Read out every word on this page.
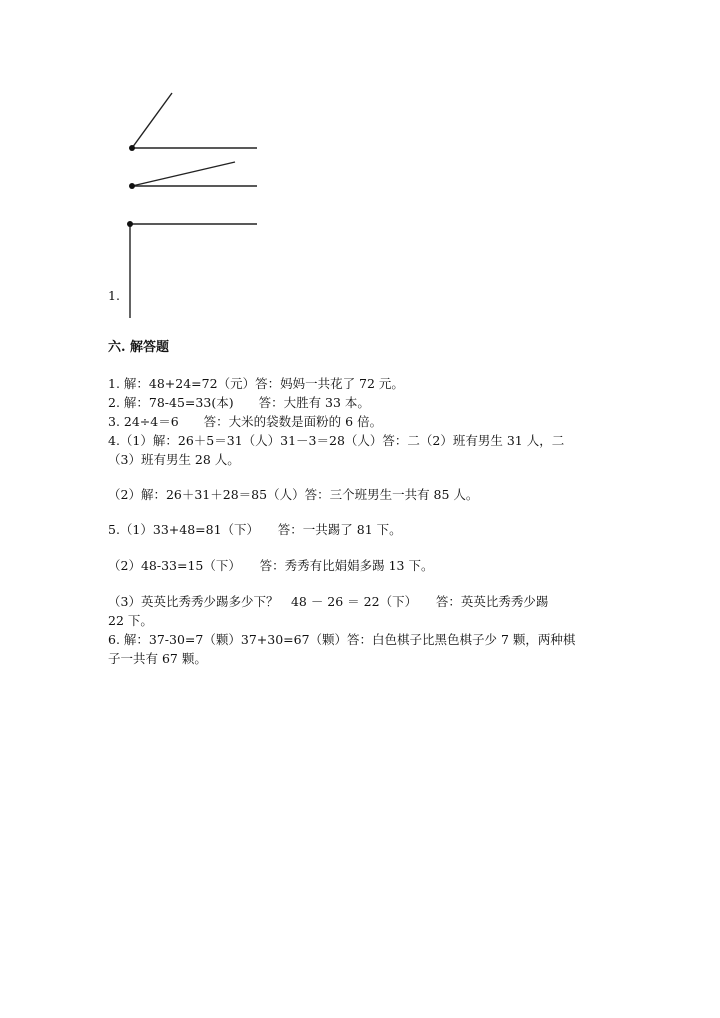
1.
六. 解答题
1. 解：48+24=72（元）答：妈妈一共花了 72 元。
2. 解：78-45=33(本)　　答：大胜有 33 本。
3. 24÷4＝6　　答：大米的袋数是面粉的 6 倍。
4.（1）解：26＋5＝31（人）31－3＝28（人）答：二（2）班有男生 31 人，二
（3）班有男生 28 人。
（2）解：26＋31＋28＝85（人）答：三个班男生一共有 85 人。
5.（1）33+48=81（下）　　答：一共踢了 81 下。
（2）48-33=15（下）　　答：秀秀有比娟娟多踢 13 下。
（3）英英比秀秀少踢多少下？　48 － 26 ＝ 22（下）　　答：英英比秀秀少踢
22 下。
6. 解：37-30=7（颗）37+30=67（颗）答：白色棋子比黑色棋子少 7 颗，两种棋
子一共有 67 颗。
